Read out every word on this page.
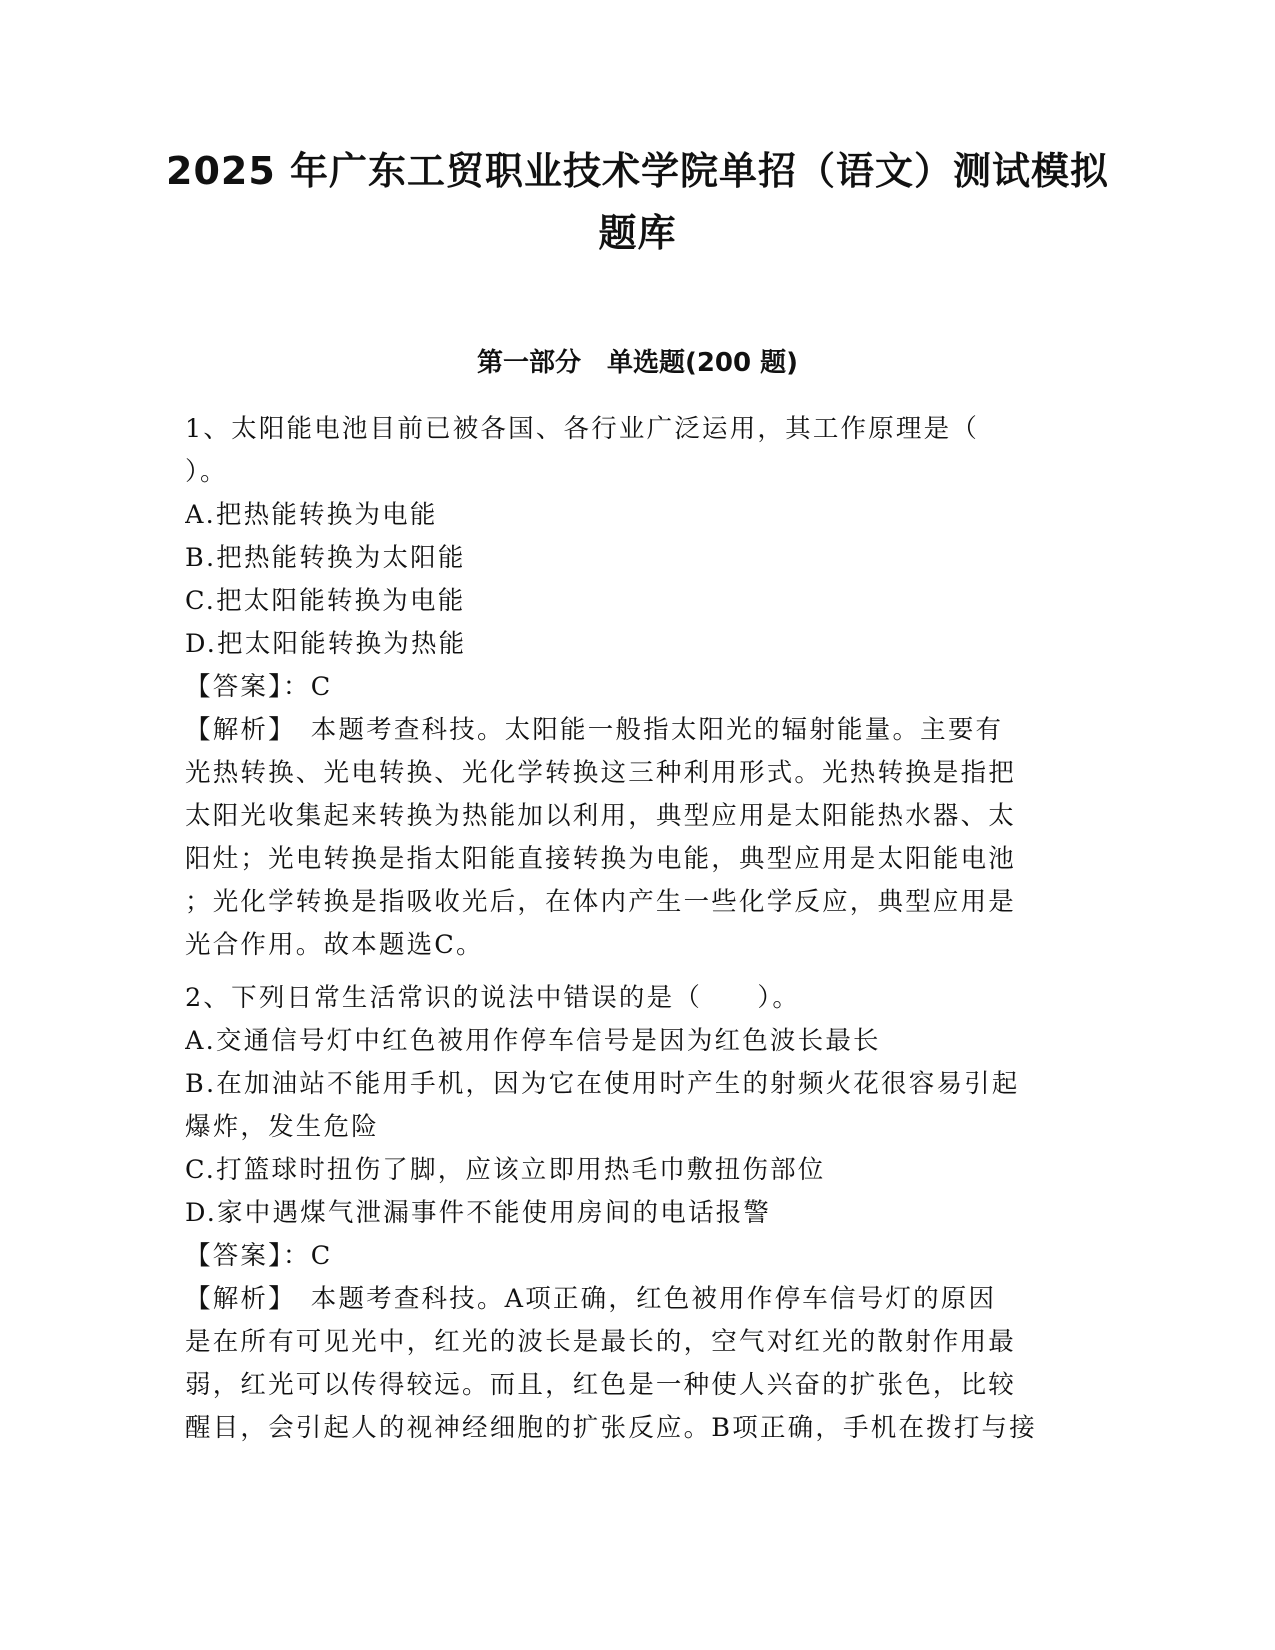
2025 年广东工贸职业技术学院单招（语文）测试模拟
题库
第一部分　单选题(200 题)
1、太阳能电池目前已被各国、各行业广泛运用，其工作原理是（
）。
A.把热能转换为电能
B.把热能转换为太阳能
C.把太阳能转换为电能
D.把太阳能转换为热能
【答案】：C
【解析】　本题考查科技。太阳能一般指太阳光的辐射能量。主要有
光热转换、光电转换、光化学转换这三种利用形式。光热转换是指把
太阳光收集起来转换为热能加以利用，典型应用是太阳能热水器、太
阳灶；光电转换是指太阳能直接转换为电能，典型应用是太阳能电池
；光化学转换是指吸收光后，在体内产生一些化学反应，典型应用是
光合作用。故本题选C。
2、下列日常生活常识的说法中错误的是（　　）。
A.交通信号灯中红色被用作停车信号是因为红色波长最长
B.在加油站不能用手机，因为它在使用时产生的射频火花很容易引起
爆炸，发生危险
C.打篮球时扭伤了脚，应该立即用热毛巾敷扭伤部位
D.家中遇煤气泄漏事件不能使用房间的电话报警
【答案】：C
【解析】　本题考查科技。A项正确，红色被用作停车信号灯的原因
是在所有可见光中，红光的波长是最长的，空气对红光的散射作用最
弱，红光可以传得较远。而且，红色是一种使人兴奋的扩张色，比较
醒目，会引起人的视神经细胞的扩张反应。B项正确，手机在拨打与接
